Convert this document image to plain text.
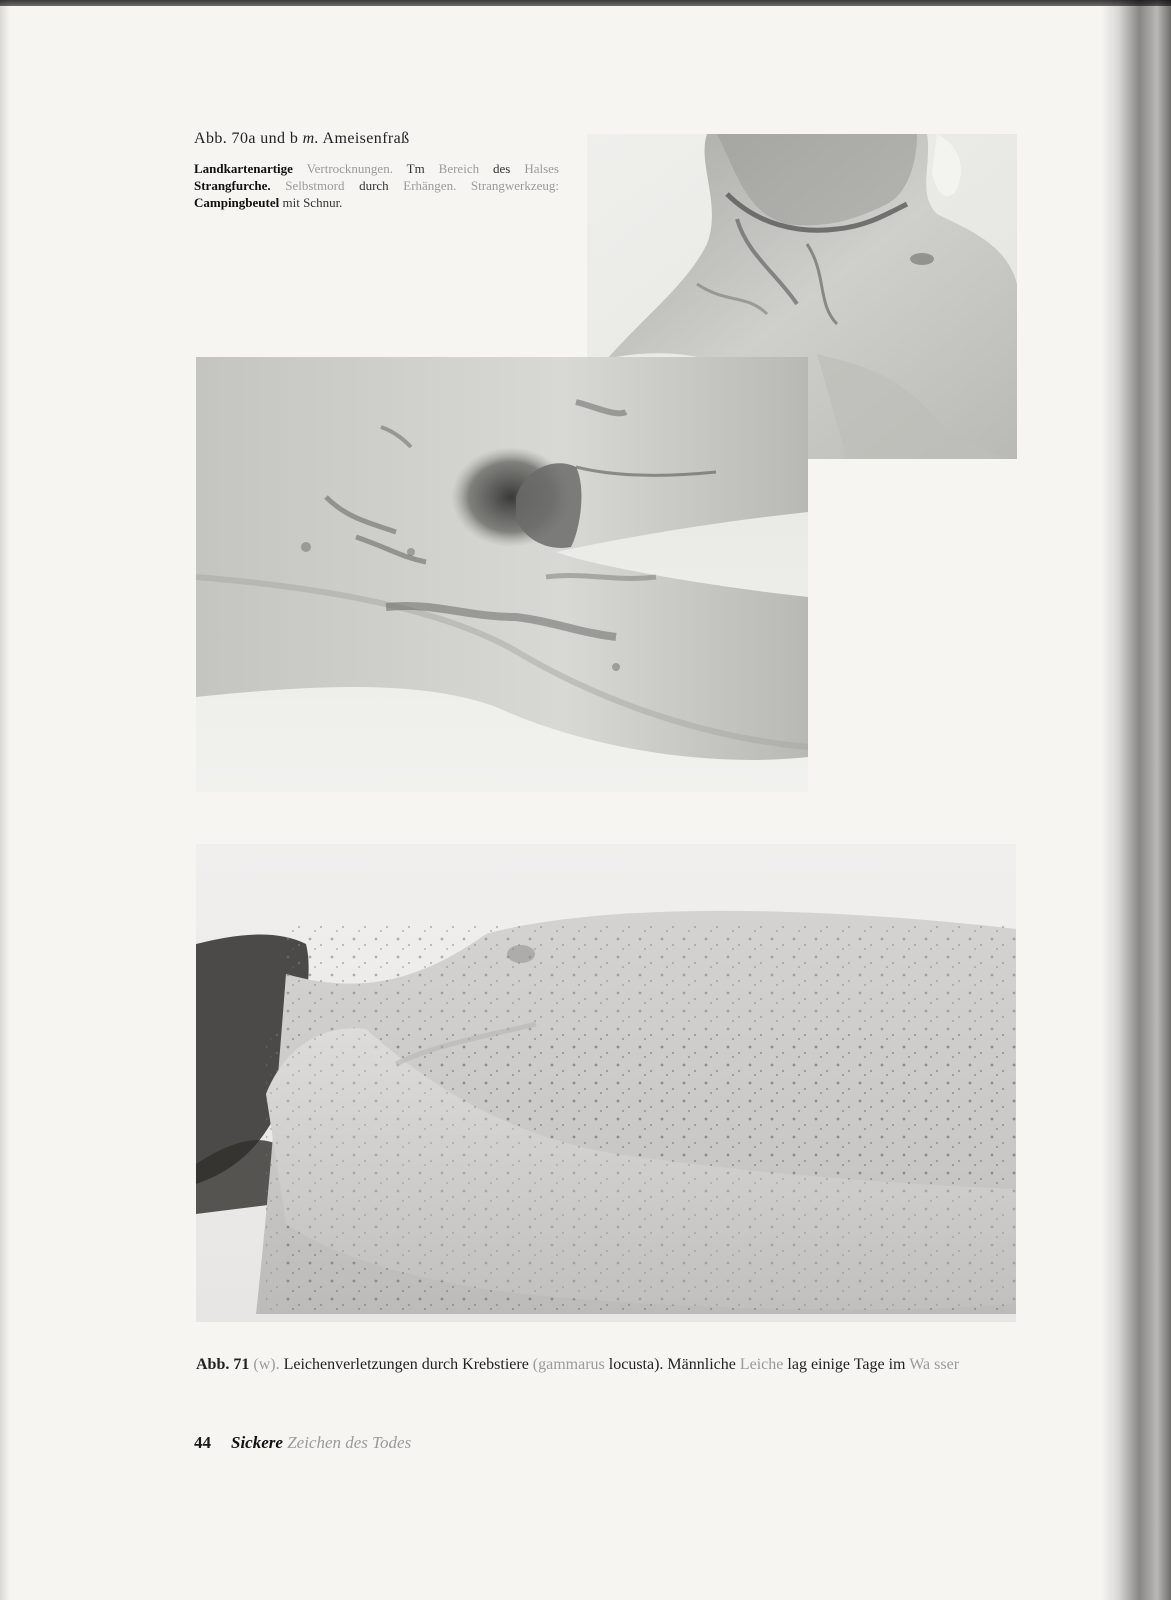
Abb. 70a und b m. Ameisenfraß

Landkartenartige Vertrocknungen. Tm Bereich des Halses Strangfurche. Selbstmord durch Erhängen. Strangwerkzeug: Campingbeutel mit Schnur.

Abb. 71 (w). Leichenverletzungen durch Krebstiere (gammarus locusta). Männliche Leiche lag einige Tage im Wa sser
44 Sickere Zeichen des Todes
